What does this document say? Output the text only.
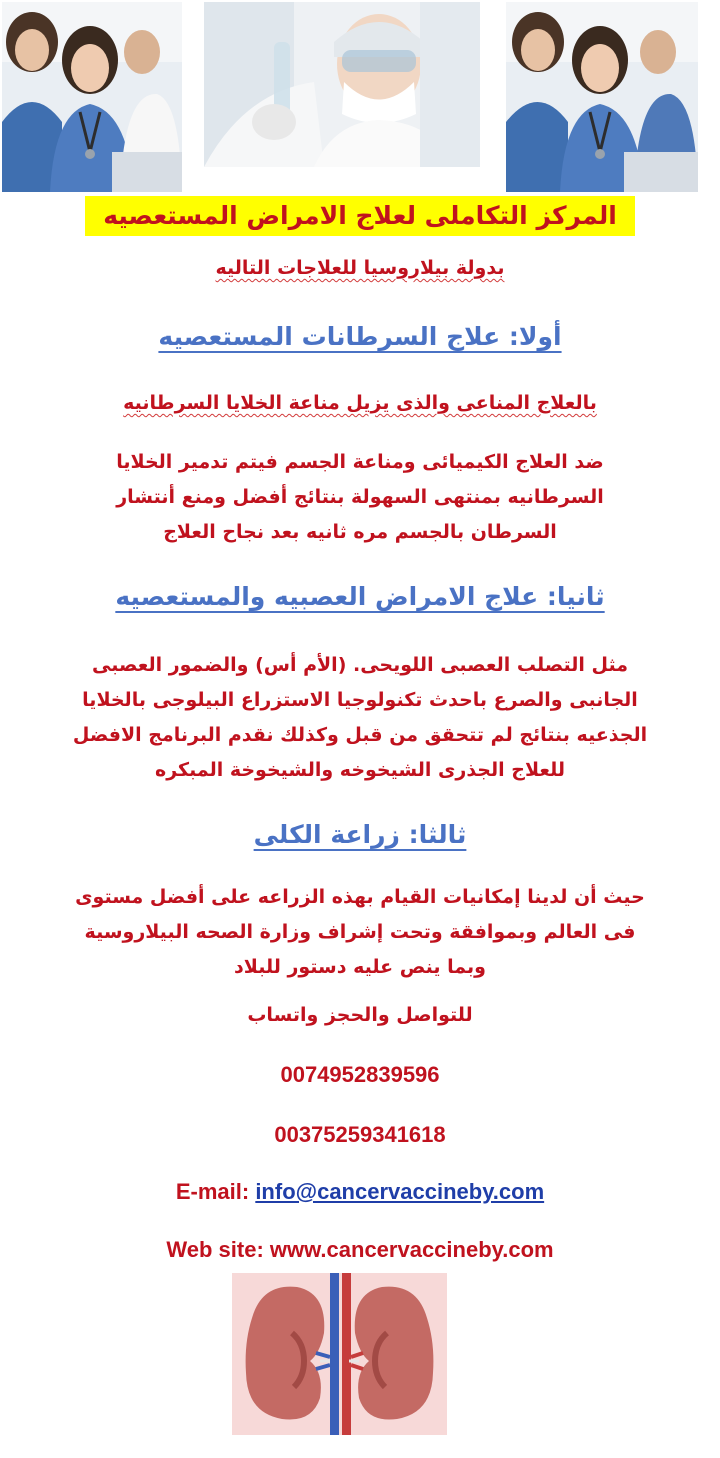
المركز التكاملى لعلاج الامراض المستعصيه
بدولة بيلاروسيا للعلاجات التاليه
أولا: علاج السرطانات المستعصيه
بالعلاج المناعى والذى يزيل مناعة الخلايا السرطانيه
ضد العلاج الكيميائى ومناعة الجسم فيتم تدمير الخلايا
السرطانيه بمنتهى السهولة بنتائج أفضل ومنع أنتشار
السرطان بالجسم مره ثانيه بعد نجاح العلاج
ثانيا: علاج الامراض العصبيه والمستعصيه
مثل التصلب العصبى اللويحى. (الأم أس) والضمور العصبى
الجانبى والصرع باحدث تكنولوجيا الاستزراع البيلوجى بالخلايا
الجذعيه بنتائج لم تتحقق من قبل وكذلك نقدم البرنامج الافضل
للعلاج الجذرى الشيخوخه والشيخوخة المبكره
ثالثا: زراعة الكلى
حيث أن لدينا إمكانيات القيام بهذه الزراعه على أفضل مستوى
فى العالم وبموافقة وتحت إشراف وزارة الصحه البيلاروسية
وبما ينص عليه دستور للبلاد
للتواصل والحجز واتساب
0074952839596
00375259341618
E-mail: info@cancervaccineby.com
Web site: www.cancervaccineby.com
